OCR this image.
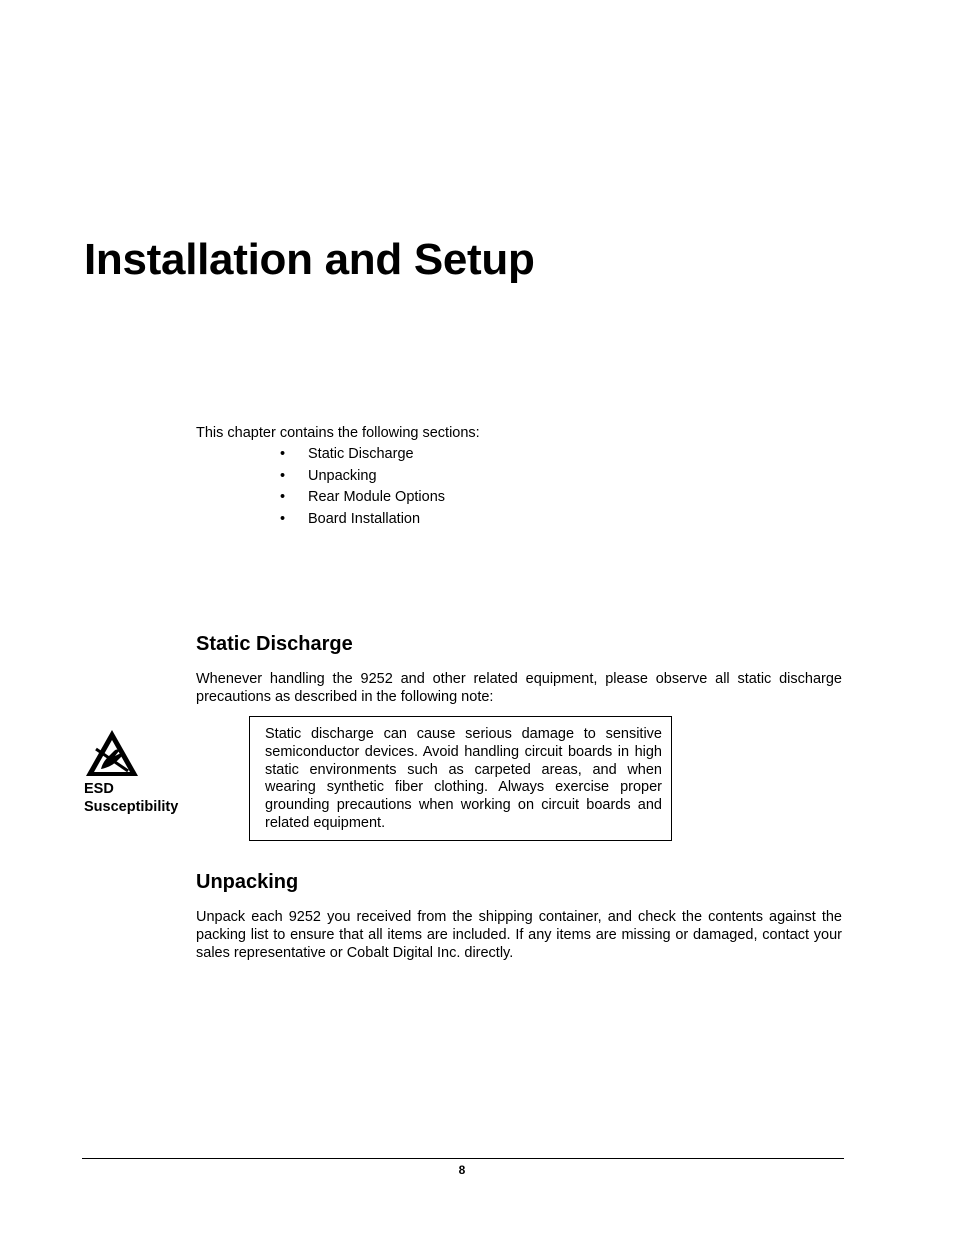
Installation and Setup

This chapter contains the following sections:

•	Static Discharge
•	Unpacking
•	Rear Module Options
•	Board Installation
Static Discharge

Whenever handling the 9252 and other related equipment, please observe all static discharge precautions as described in the following note:

ESD
Susceptibility

Static discharge can cause serious damage to sensitive semiconductor devices. Avoid handling circuit boards in high static environments such as carpeted areas, and when wearing synthetic fiber clothing. Always exercise proper grounding precautions when working on circuit boards and related equipment.

Unpacking

Unpack each 9252 you received from the shipping container, and check the contents against the packing list to ensure that all items are included. If any items are missing or damaged, contact your sales representative or Cobalt Digital Inc. directly.

8
